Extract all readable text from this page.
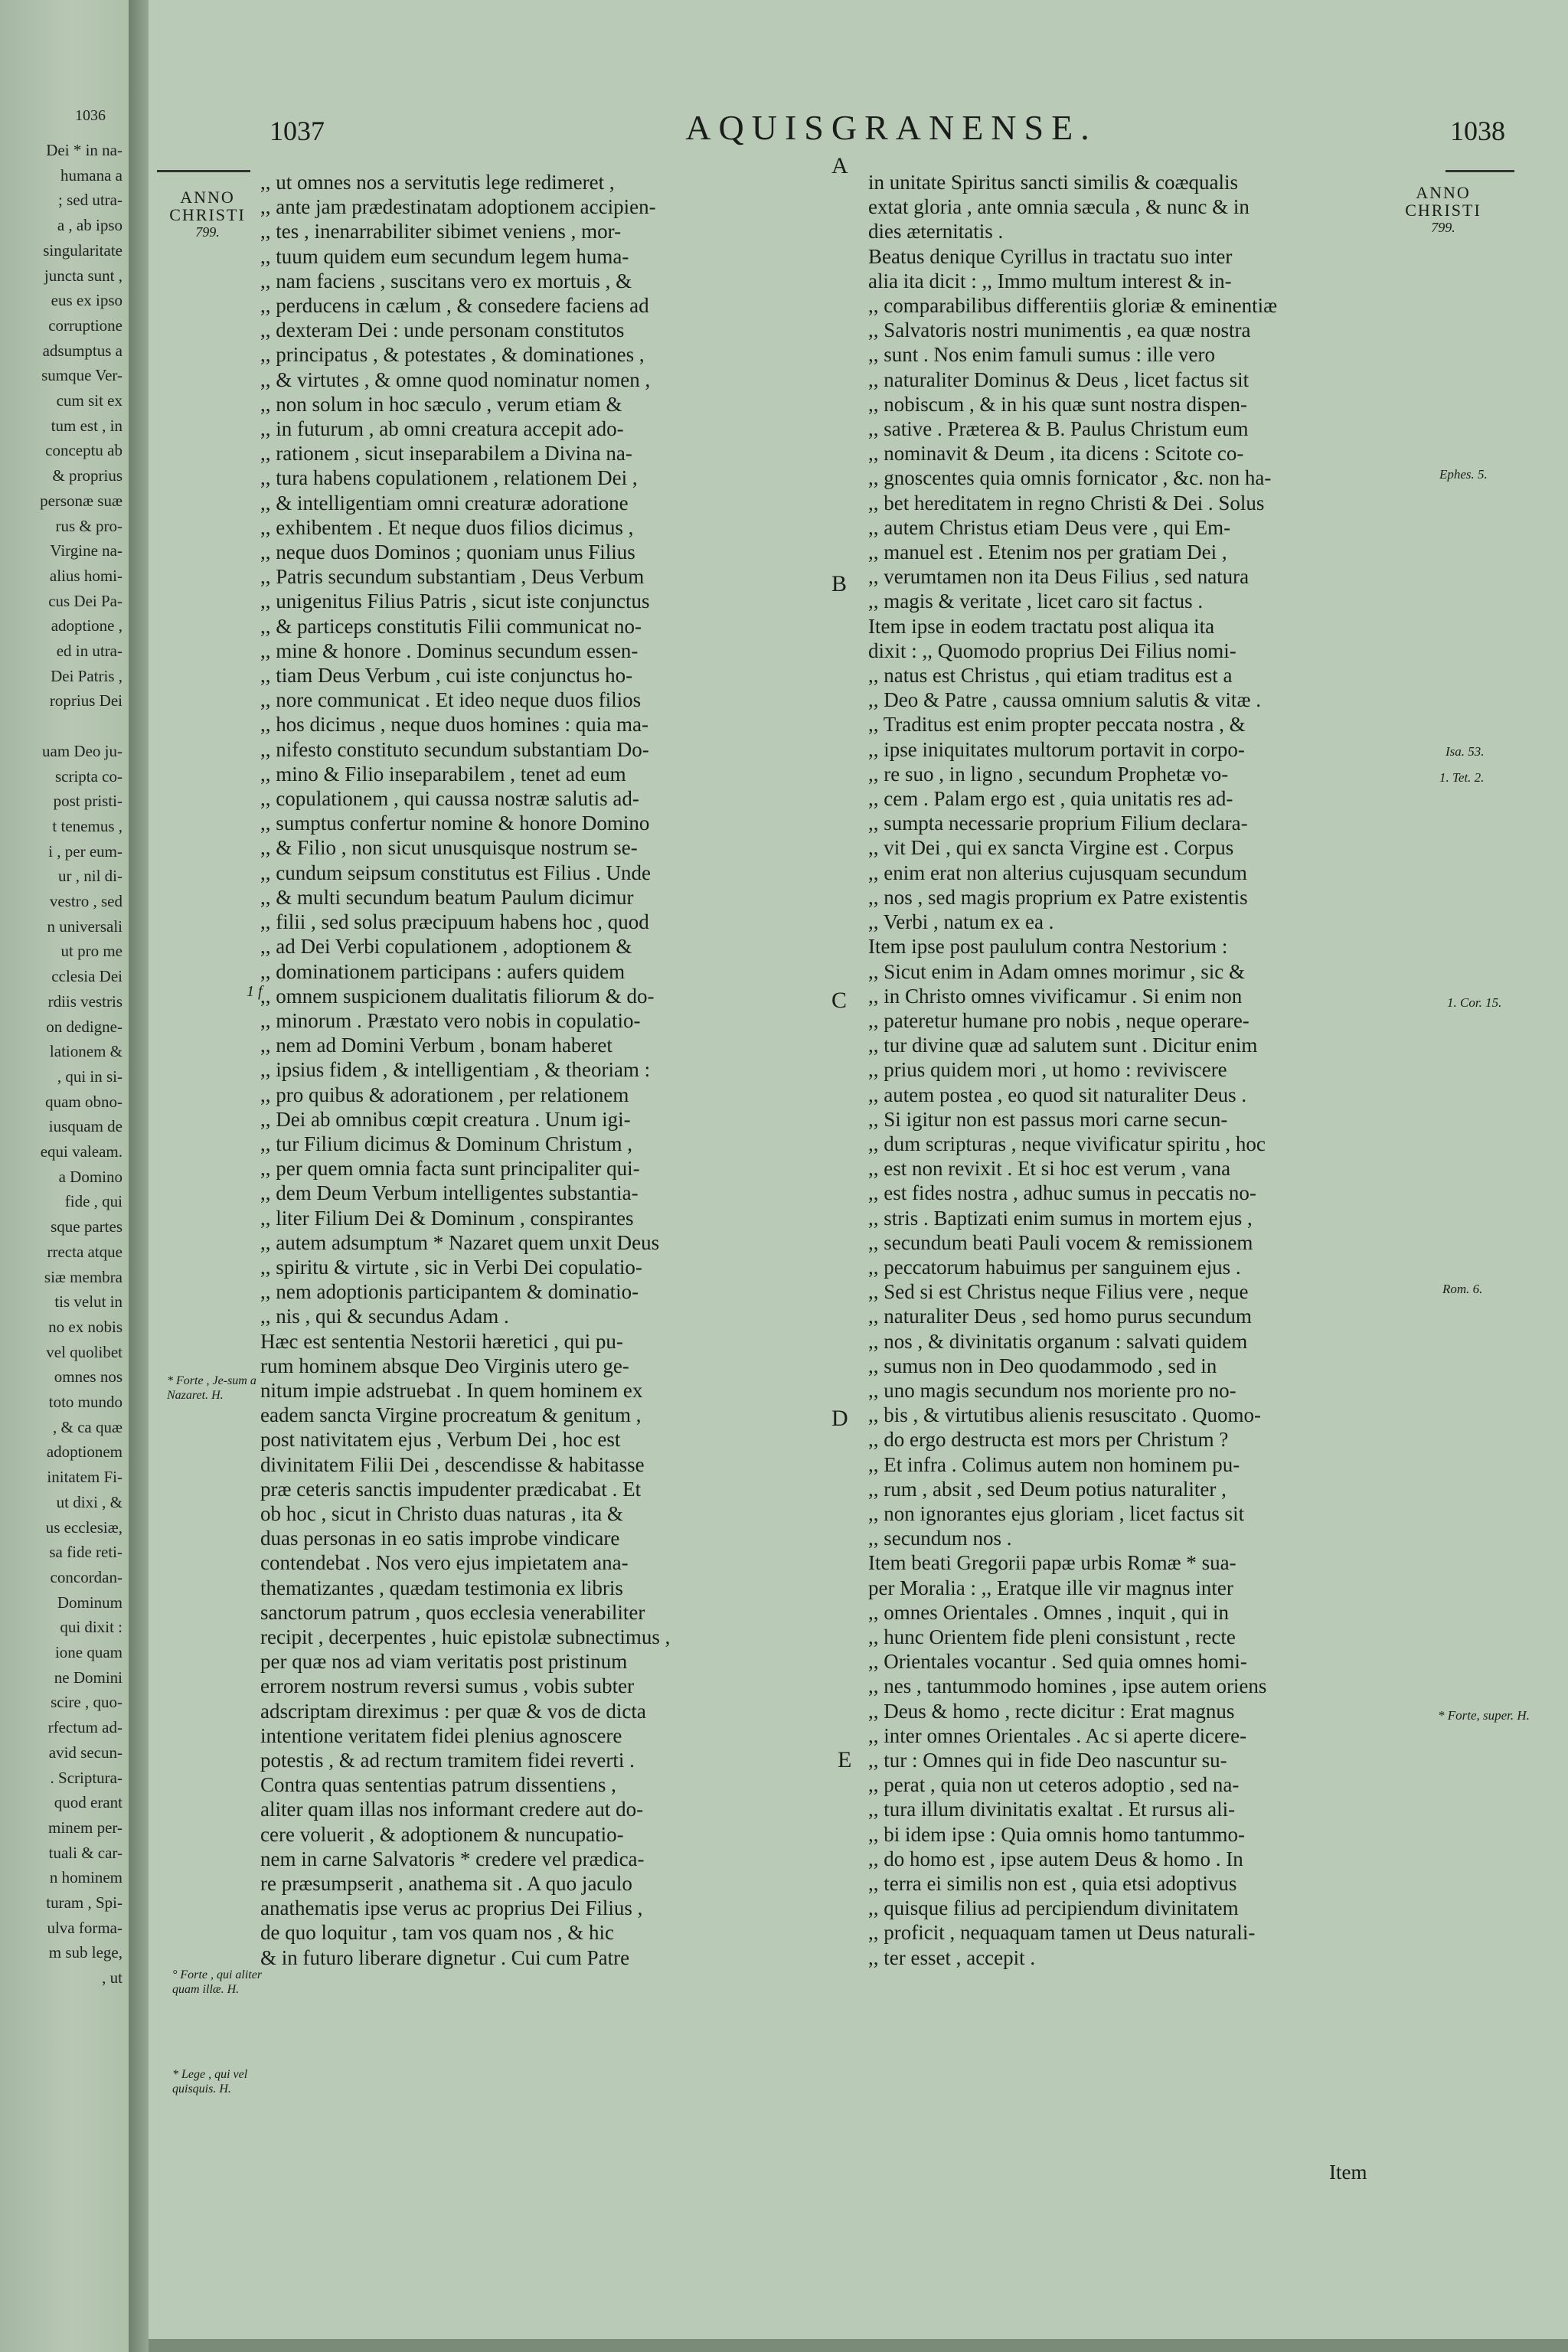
1036
Dei * in na-
humana a
; sed utra-
a , ab ipso
singularitate
juncta sunt ,
eus ex ipso
corruptione
adsumptus a
sumque Ver-
cum sit ex
tum est , in
conceptu ab
& proprius
personæ suæ
rus & pro-
Virgine na-
alius homi-
cus Dei Pa-
adoptione ,
ed in utra-
Dei Patris ,
roprius Dei
uam Deo ju-
scripta co-
post pristi-
t tenemus ,
i , per eum-
ur , nil di-
vestro , sed
n universali
ut pro me
cclesia Dei
rdiis vestris
on dedigne-
lationem &
, qui in si-
quam obno-
iusquam de
equi valeam.
a Domino
fide , qui
sque partes
rrecta atque
siæ membra
tis velut in
no ex nobis
vel quolibet
omnes nos
toto mundo
, & ca quæ
adoptionem
initatem Fi-
ut dixi , &
us ecclesiæ,
sa fide reti-
concordan-
Dominum
qui dixit :
ione quam
ne Domini
scire , quo-
rfectum ad-
avid secun-
. Scriptura-
quod erant
minem per-
tuali & car-
n hominem
turam , Spi-
ulva forma-
m sub lege,
, ut
1037	AQUISGRANENSE.	1038
ANNO
CHRISTI
799.
ANNO
CHRISTI
799.

,, ut omnes nos a servitutis lege redimeret ,

,, ante jam prædestinatam adoptionem accipien-

,, tes , inenarrabiliter sibimet veniens , mor-

,, tuum quidem eum secundum legem huma-

,, nam faciens , suscitans vero ex mortuis , &

,, perducens in cælum , & consedere faciens ad

,, dexteram Dei : unde personam constitutos

,, principatus , & potestates , & dominationes ,

,, & virtutes , & omne quod nominatur nomen ,

,, non solum in hoc sæculo , verum etiam &

,, in futurum , ab omni creatura accepit ado-

,, rationem , sicut inseparabilem a Divina na-

,, tura habens copulationem , relationem Dei ,

,, & intelligentiam omni creaturæ adoratione

,, exhibentem . Et neque duos filios dicimus ,

,, neque duos Dominos ; quoniam unus Filius

,, Patris secundum substantiam , Deus Verbum

,, unigenitus Filius Patris , sicut iste conjunctus

,, & particeps constitutis Filii communicat no-

,, mine & honore . Dominus secundum essen-

,, tiam Deus Verbum , cui iste conjunctus ho-

,, nore communicat . Et ideo neque duos filios

,, hos dicimus , neque duos homines : quia ma-

,, nifesto constituto secundum substantiam Do-

,, mino & Filio inseparabilem , tenet ad eum

,, copulationem , qui caussa nostræ salutis ad-

,, sumptus confertur nomine & honore Domino

,, & Filio , non sicut unusquisque nostrum se-

,, cundum seipsum constitutus est Filius . Unde

,, & multi secundum beatum Paulum dicimur

,, filii , sed solus præcipuum habens hoc , quod

,, ad Dei Verbi copulationem , adoptionem &

,, dominationem participans : aufers quidem

,, omnem suspicionem dualitatis filiorum & do-

,, minorum . Præstato vero nobis in copulatio-

,, nem ad Domini Verbum , bonam haberet

,, ipsius fidem , & intelligentiam , & theoriam :

,, pro quibus & adorationem , per relationem

,, Dei ab omnibus cœpit creatura . Unum igi-

,, tur Filium dicimus & Dominum Christum ,

,, per quem omnia facta sunt principaliter qui-

,, dem Deum Verbum intelligentes substantia-

,, liter Filium Dei & Dominum , conspirantes

,, autem adsumptum * Nazaret quem unxit Deus

,, spiritu & virtute , sic in Verbi Dei copulatio-

,, nem adoptionis participantem & dominatio-

,, nis , qui & secundus Adam .

Hæc est sententia Nestorii hæretici , qui pu-

rum hominem absque Deo Virginis utero ge-

nitum impie adstruebat . In quem hominem ex

eadem sancta Virgine procreatum & genitum ,

post nativitatem ejus , Verbum Dei , hoc est

divinitatem Filii Dei , descendisse & habitasse

præ ceteris sanctis impudenter prædicabat . Et

ob hoc , sicut in Christo duas naturas , ita &

duas personas in eo satis improbe vindicare

contendebat . Nos vero ejus impietatem ana-

thematizantes , quædam testimonia ex libris

sanctorum patrum , quos ecclesia venerabiliter

recipit , decerpentes , huic epistolæ subnectimus ,

per quæ nos ad viam veritatis post pristinum

errorem nostrum reversi sumus , vobis subter

adscriptam direximus : per quæ & vos de dicta

intentione veritatem fidei plenius agnoscere

potestis , & ad rectum tramitem fidei reverti .

Contra quas sententias patrum dissentiens ,

aliter quam illas nos informant credere aut do-

cere voluerit , & adoptionem & nuncupatio-

nem in carne Salvatoris * credere vel prædica-

re præsumpserit , anathema sit . A quo jaculo

anathematis ipse verus ac proprius Dei Filius ,

de quo loquitur , tam vos quam nos , & hic

& in futuro liberare dignetur . Cui cum Patre

in unitate Spiritus sancti similis & coæqualis

extat gloria , ante omnia sæcula , & nunc & in

dies æternitatis .

Beatus denique Cyrillus in tractatu suo inter

alia ita dicit : ,, Immo multum interest & in-

,, comparabilibus differentiis gloriæ & eminentiæ

,, Salvatoris nostri munimentis , ea quæ nostra

,, sunt . Nos enim famuli sumus : ille vero

,, naturaliter Dominus & Deus , licet factus sit

,, nobiscum , & in his quæ sunt nostra dispen-

,, sative . Præterea & B. Paulus Christum eum

,, nominavit & Deum , ita dicens : Scitote co-

,, gnoscentes quia omnis fornicator , &c. non ha-

,, bet hereditatem in regno Christi & Dei . Solus

,, autem Christus etiam Deus vere , qui Em-

,, manuel est . Etenim nos per gratiam Dei ,

,, verumtamen non ita Deus Filius , sed natura

,, magis & veritate , licet caro sit factus .

Item ipse in eodem tractatu post aliqua ita

dixit : ,, Quomodo proprius Dei Filius nomi-

,, natus est Christus , qui etiam traditus est a

,, Deo & Patre , caussa omnium salutis & vitæ .

,, Traditus est enim propter peccata nostra , &

,, ipse iniquitates multorum portavit in corpo-

,, re suo , in ligno , secundum Prophetæ vo-

,, cem . Palam ergo est , quia unitatis res ad-

,, sumpta necessarie proprium Filium declara-

,, vit Dei , qui ex sancta Virgine est . Corpus

,, enim erat non alterius cujusquam secundum

,, nos , sed magis proprium ex Patre existentis

,, Verbi , natum ex ea .

Item ipse post paululum contra Nestorium :

,, Sicut enim in Adam omnes morimur , sic &

,, in Christo omnes vivificamur . Si enim non

,, pateretur humane pro nobis , neque operare-

,, tur divine quæ ad salutem sunt . Dicitur enim

,, prius quidem mori , ut homo : reviviscere

,, autem postea , eo quod sit naturaliter Deus .

,, Si igitur non est passus mori carne secun-

,, dum scripturas , neque vivificatur spiritu , hoc

,, est non revixit . Et si hoc est verum , vana

,, est fides nostra , adhuc sumus in peccatis no-

,, stris . Baptizati enim sumus in mortem ejus ,

,, secundum beati Pauli vocem & remissionem

,, peccatorum habuimus per sanguinem ejus .

,, Sed si est Christus neque Filius vere , neque

,, naturaliter Deus , sed homo purus secundum

,, nos , & divinitatis organum : salvati quidem

,, sumus non in Deo quodammodo , sed in

,, uno magis secundum nos moriente pro no-

,, bis , & virtutibus alienis resuscitato . Quomo-

,, do ergo destructa est mors per Christum ?

,, Et infra . Colimus autem non hominem pu-

,, rum , absit , sed Deum potius naturaliter ,

,, non ignorantes ejus gloriam , licet factus sit

,, secundum nos .

Item beati Gregorii papæ urbis Romæ * sua-

per Moralia : ,, Eratque ille vir magnus inter

,, omnes Orientales . Omnes , inquit , qui in

,, hunc Orientem fide pleni consistunt , recte

,, Orientales vocantur . Sed quia omnes homi-

,, nes , tantummodo homines , ipse autem oriens

,, Deus & homo , recte dicitur : Erat magnus

,, inter omnes Orientales . Ac si aperte dicere-

,, tur : Omnes qui in fide Deo nascuntur su-

,, perat , quia non ut ceteros adoptio , sed na-

,, tura illum divinitatis exaltat . Et rursus ali-

,, bi idem ipse : Quia omnis homo tantummo-

,, do homo est , ipse autem Deus & homo . In

,, terra ei similis non est , quia etsi adoptivus

,, quisque filius ad percipiendum divinitatem

,, proficit , nequaquam tamen ut Deus naturali-

,, ter esset , accepit .

A
B
C
D
E
* Forte , Je-sum a Nazaret. H.
° Forte , qui aliter quam illæ. H.
* Lege , qui vel quisquis. H.
1 f
Ephes. 5.
Isa. 53.
1. Tet. 2.
1. Cor. 15.
Rom. 6.
* Forte, super. H.
Item
